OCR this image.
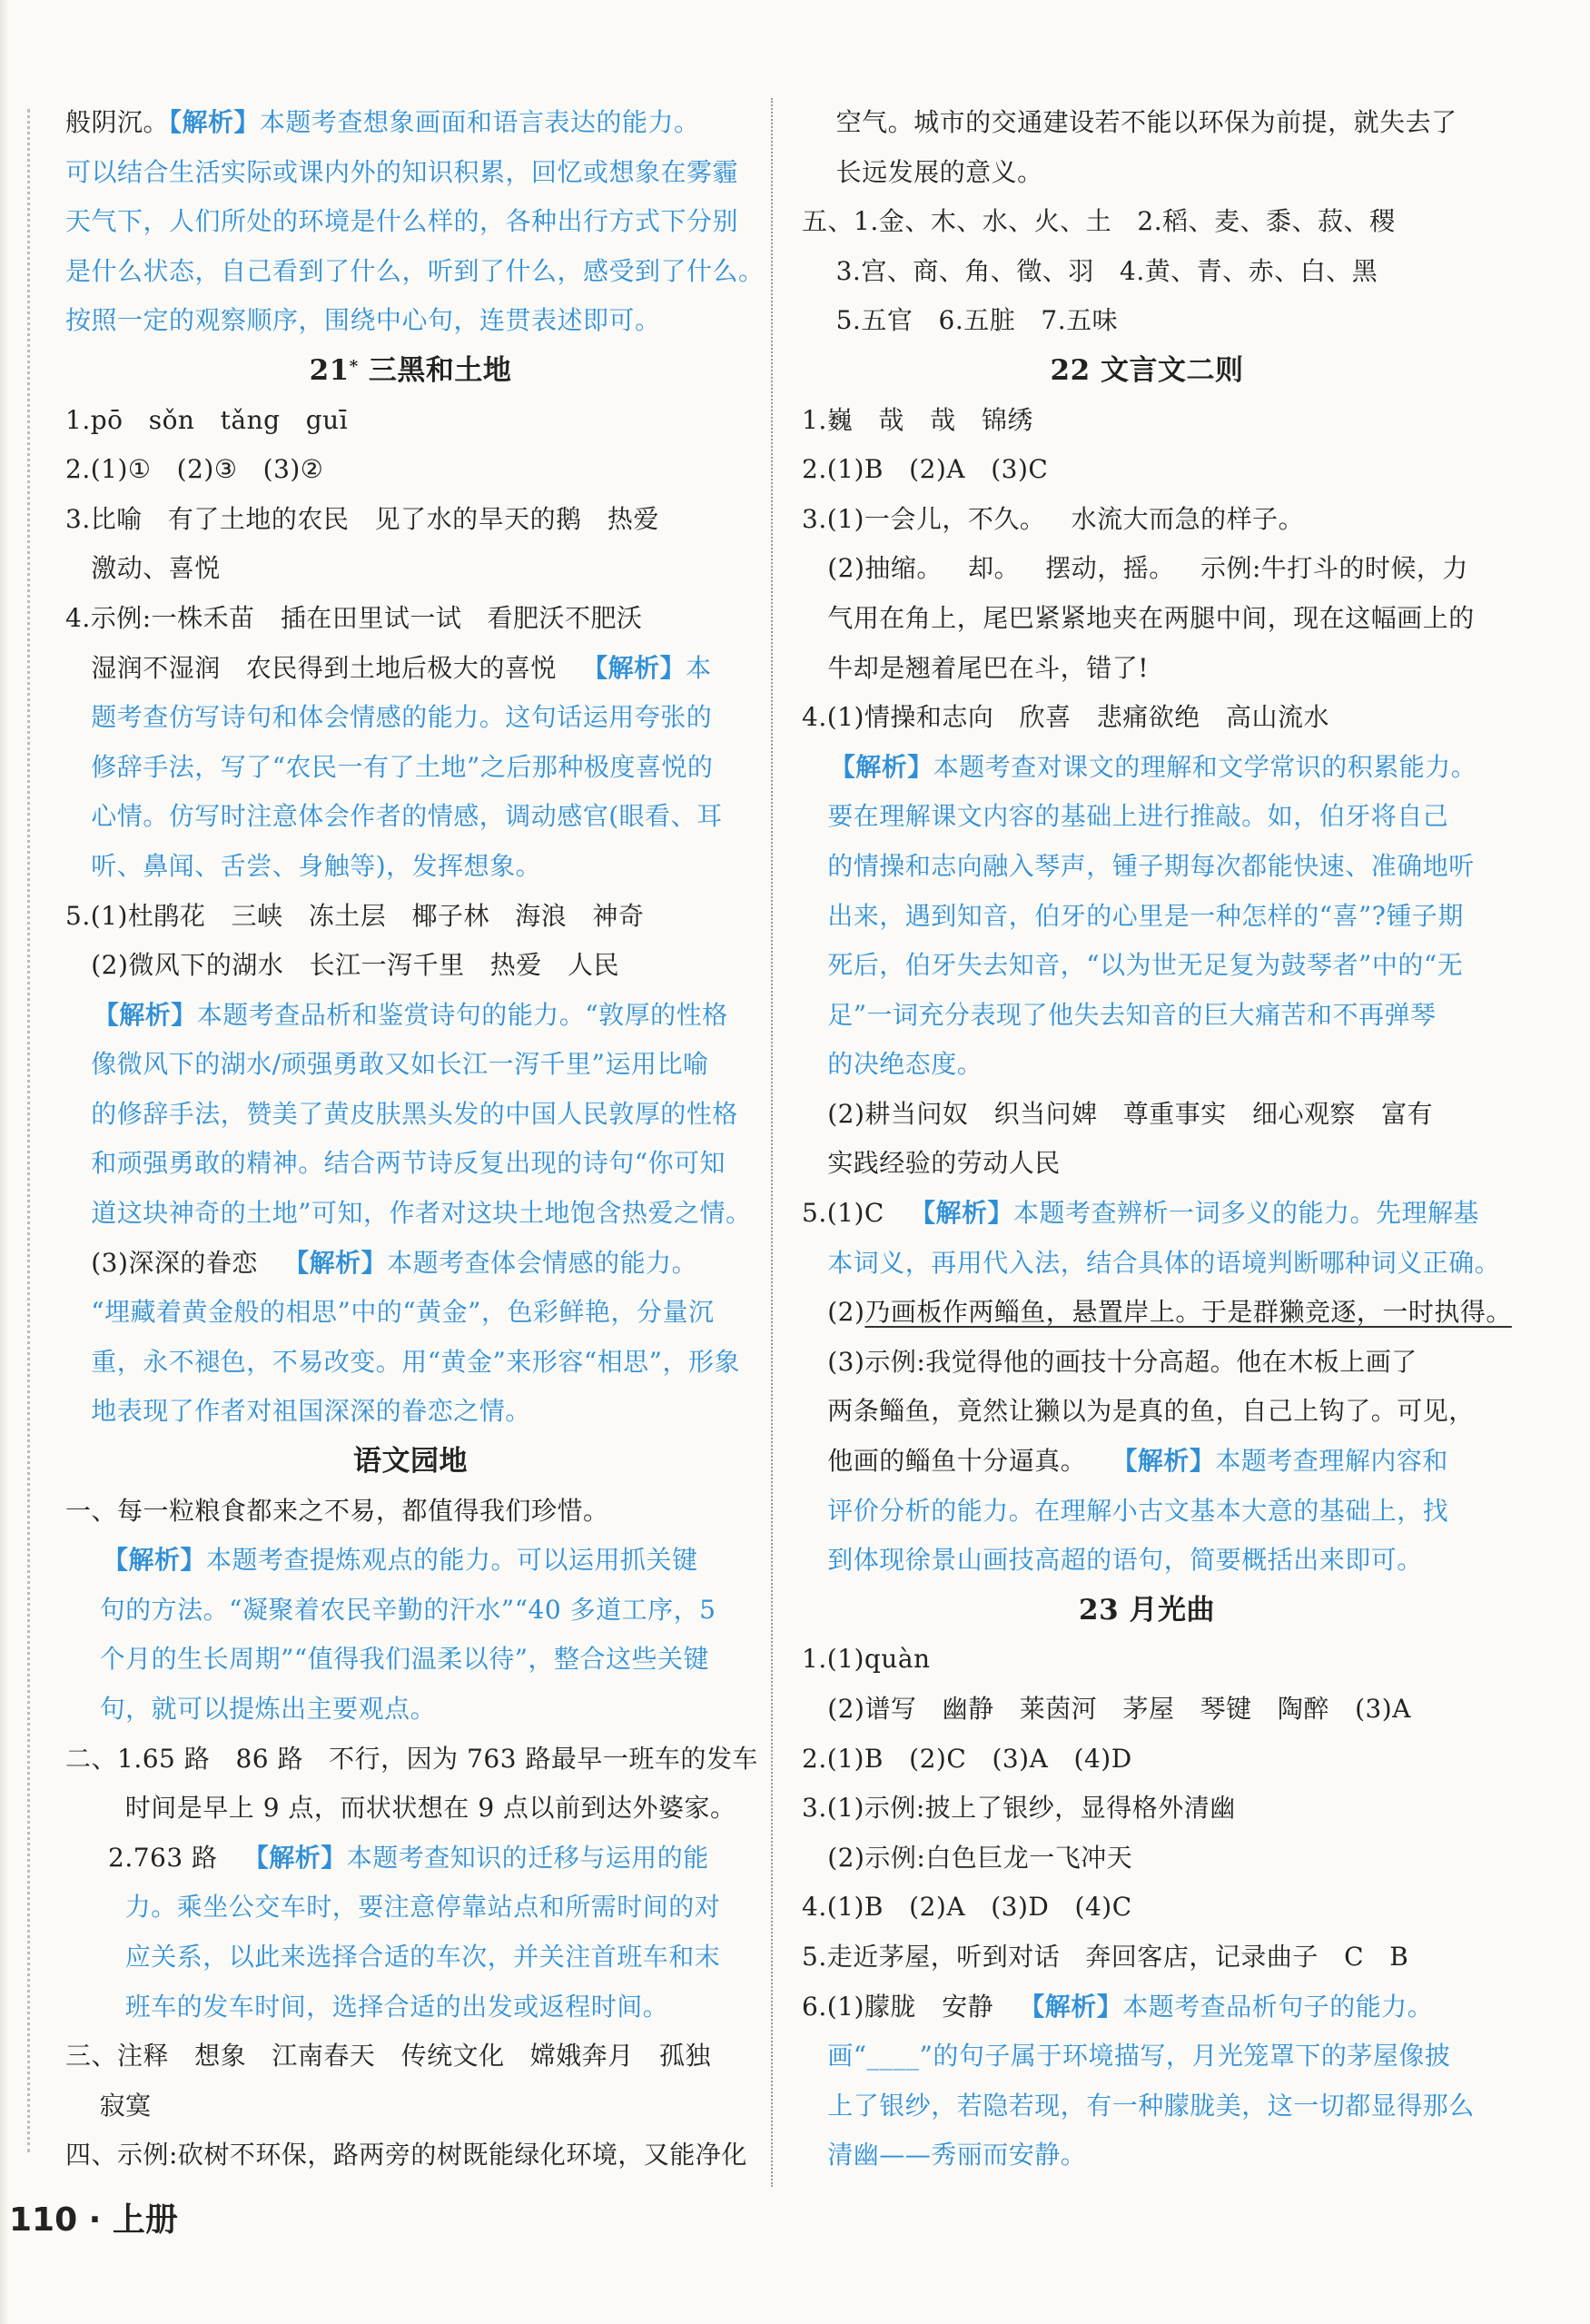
般阴沉。【解析】本题考查想象画面和语言表达的能力。
可以结合生活实际或课内外的知识积累，回忆或想象在雾霾
天气下，人们所处的环境是什么样的，各种出行方式下分别
是什么状态，自己看到了什么，听到了什么，感受到了什么。
按照一定的观察顺序，围绕中心句，连贯表述即可。
21* 三黑和土地
1.pō   sǒn   tǎng   guī
2.(1)①   (2)③   (3)②
3.比喻   有了土地的农民   见了水的旱天的鹅   热爱
激动、喜悦
4.示例:一株禾苗   插在田里试一试   看肥沃不肥沃
湿润不湿润   农民得到土地后极大的喜悦   【解析】本
题考查仿写诗句和体会情感的能力。这句话运用夸张的
修辞手法，写了“农民一有了土地”之后那种极度喜悦的
心情。仿写时注意体会作者的情感，调动感官(眼看、耳
听、鼻闻、舌尝、身触等)，发挥想象。
5.(1)杜鹃花   三峡   冻土层   椰子林   海浪   神奇
(2)微风下的湖水   长江一泻千里   热爱   人民
【解析】本题考查品析和鉴赏诗句的能力。“敦厚的性格
像微风下的湖水/顽强勇敢又如长江一泻千里”运用比喻
的修辞手法，赞美了黄皮肤黑头发的中国人民敦厚的性格
和顽强勇敢的精神。结合两节诗反复出现的诗句“你可知
道这块神奇的土地”可知，作者对这块土地饱含热爱之情。
(3)深深的眷恋   【解析】本题考查体会情感的能力。
“埋藏着黄金般的相思”中的“黄金”，色彩鲜艳，分量沉
重，永不褪色，不易改变。用“黄金”来形容“相思”，形象
地表现了作者对祖国深深的眷恋之情。
语文园地
一、每一粒粮食都来之不易，都值得我们珍惜。
【解析】本题考查提炼观点的能力。可以运用抓关键
句的方法。“凝聚着农民辛勤的汗水”“40 多道工序，5
个月的生长周期”“值得我们温柔以待”，整合这些关键
句，就可以提炼出主要观点。
二、1.65 路   86 路   不行，因为 763 路最早一班车的发车
时间是早上 9 点，而状状想在 9 点以前到达外婆家。
2.763 路   【解析】本题考查知识的迁移与运用的能
力。乘坐公交车时，要注意停靠站点和所需时间的对
应关系，以此来选择合适的车次，并关注首班车和末
班车的发车时间，选择合适的出发或返程时间。
三、注释   想象   江南春天   传统文化   嫦娥奔月   孤独
寂寞
四、示例:砍树不环保，路两旁的树既能绿化环境，又能净化
空气。城市的交通建设若不能以环保为前提，就失去了
长远发展的意义。
五、1.金、木、水、火、土   2.稻、麦、黍、菽、稷
3.宫、商、角、徵、羽   4.黄、青、赤、白、黑
5.五官   6.五脏   7.五味
22 文言文二则
1.巍   哉   哉   锦绣
2.(1)B   (2)A   (3)C
3.(1)一会儿，不久。   水流大而急的样子。
(2)抽缩。   却。   摆动，摇。   示例:牛打斗的时候，力
气用在角上，尾巴紧紧地夹在两腿中间，现在这幅画上的
牛却是翘着尾巴在斗，错了!
4.(1)情操和志向   欣喜   悲痛欲绝   高山流水
【解析】本题考查对课文的理解和文学常识的积累能力。
要在理解课文内容的基础上进行推敲。如，伯牙将自己
的情操和志向融入琴声，锺子期每次都能快速、准确地听
出来，遇到知音，伯牙的心里是一种怎样的“喜”?锺子期
死后，伯牙失去知音，“以为世无足复为鼓琴者”中的“无
足”一词充分表现了他失去知音的巨大痛苦和不再弹琴
的决绝态度。
(2)耕当问奴   织当问婢   尊重事实   细心观察   富有
实践经验的劳动人民
5.(1)C   【解析】本题考查辨析一词多义的能力。先理解基
本词义，再用代入法，结合具体的语境判断哪种词义正确。
(2)乃画板作两鲻鱼，悬置岸上。于是群獭竞逐，一时执得。
(3)示例:我觉得他的画技十分高超。他在木板上画了
两条鲻鱼，竟然让獭以为是真的鱼，自己上钩了。可见，
他画的鲻鱼十分逼真。   【解析】本题考查理解内容和
评价分析的能力。在理解小古文基本大意的基础上，找
到体现徐景山画技高超的语句，简要概括出来即可。
23 月光曲
1.(1)quàn
(2)谱写   幽静   莱茵河   茅屋   琴键   陶醉   (3)A
2.(1)B   (2)C   (3)A   (4)D
3.(1)示例:披上了银纱，显得格外清幽
(2)示例:白色巨龙一飞冲天
4.(1)B   (2)A   (3)D   (4)C
5.走近茅屋，听到对话   奔回客店，记录曲子   C   B
6.(1)朦胧   安静   【解析】本题考查品析句子的能力。
画“____”的句子属于环境描写，月光笼罩下的茅屋像披
上了银纱，若隐若现，有一种朦胧美，这一切都显得那么
清幽——秀丽而安静。
110 · 上册
